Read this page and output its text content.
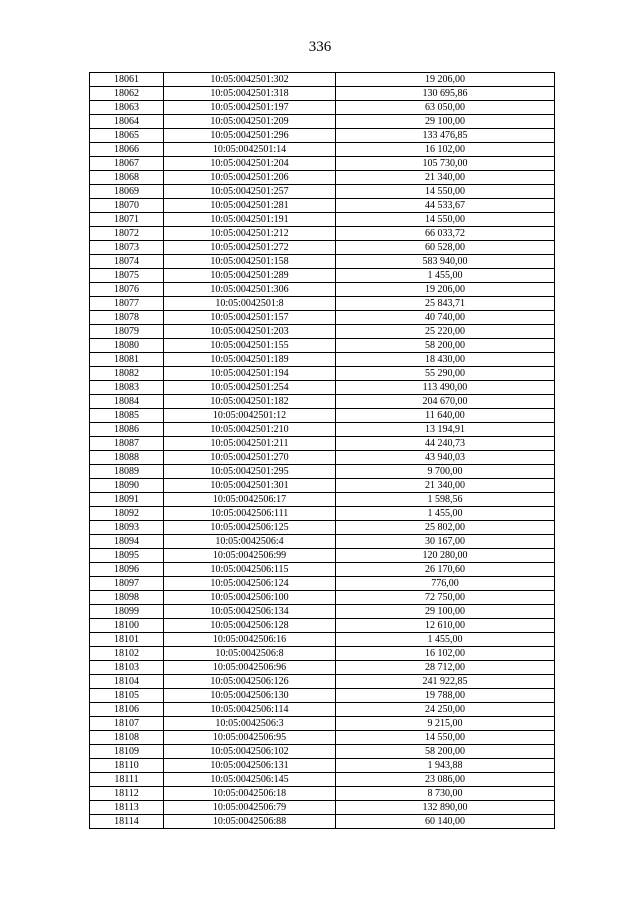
336
18061	10:05:0042501:302	19 206,00
18062	10:05:0042501:318	130 695,86
18063	10:05:0042501:197	63 050,00
18064	10:05:0042501:209	29 100,00
18065	10:05:0042501:296	133 476,85
18066	10:05:0042501:14	16 102,00
18067	10:05:0042501:204	105 730,00
18068	10:05:0042501:206	21 340,00
18069	10:05:0042501:257	14 550,00
18070	10:05:0042501:281	44 533,67
18071	10:05:0042501:191	14 550,00
18072	10:05:0042501:212	66 033,72
18073	10:05:0042501:272	60 528,00
18074	10:05:0042501:158	583 940,00
18075	10:05:0042501:289	1 455,00
18076	10:05:0042501:306	19 206,00
18077	10:05:0042501:8	25 843,71
18078	10:05:0042501:157	40 740,00
18079	10:05:0042501:203	25 220,00
18080	10:05:0042501:155	58 200,00
18081	10:05:0042501:189	18 430,00
18082	10:05:0042501:194	55 290,00
18083	10:05:0042501:254	113 490,00
18084	10:05:0042501:182	204 670,00
18085	10:05:0042501:12	11 640,00
18086	10:05:0042501:210	13 194,91
18087	10:05:0042501:211	44 240,73
18088	10:05:0042501:270	43 940,03
18089	10:05:0042501:295	9 700,00
18090	10:05:0042501:301	21 340,00
18091	10:05:0042506:17	1 598,56
18092	10:05:0042506:111	1 455,00
18093	10:05:0042506:125	25 802,00
18094	10:05:0042506:4	30 167,00
18095	10:05:0042506:99	120 280,00
18096	10:05:0042506:115	26 170,60
18097	10:05:0042506:124	776,00
18098	10:05:0042506:100	72 750,00
18099	10:05:0042506:134	29 100,00
18100	10:05:0042506:128	12 610,00
18101	10:05:0042506:16	1 455,00
18102	10:05:0042506:8	16 102,00
18103	10:05:0042506:96	28 712,00
18104	10:05:0042506:126	241 922,85
18105	10:05:0042506:130	19 788,00
18106	10:05:0042506:114	24 250,00
18107	10:05:0042506:3	9 215,00
18108	10:05:0042506:95	14 550,00
18109	10:05:0042506:102	58 200,00
18110	10:05:0042506:131	1 943,88
18111	10:05:0042506:145	23 086,00
18112	10:05:0042506:18	8 730,00
18113	10:05:0042506:79	132 890,00
18114	10:05:0042506:88	60 140,00
